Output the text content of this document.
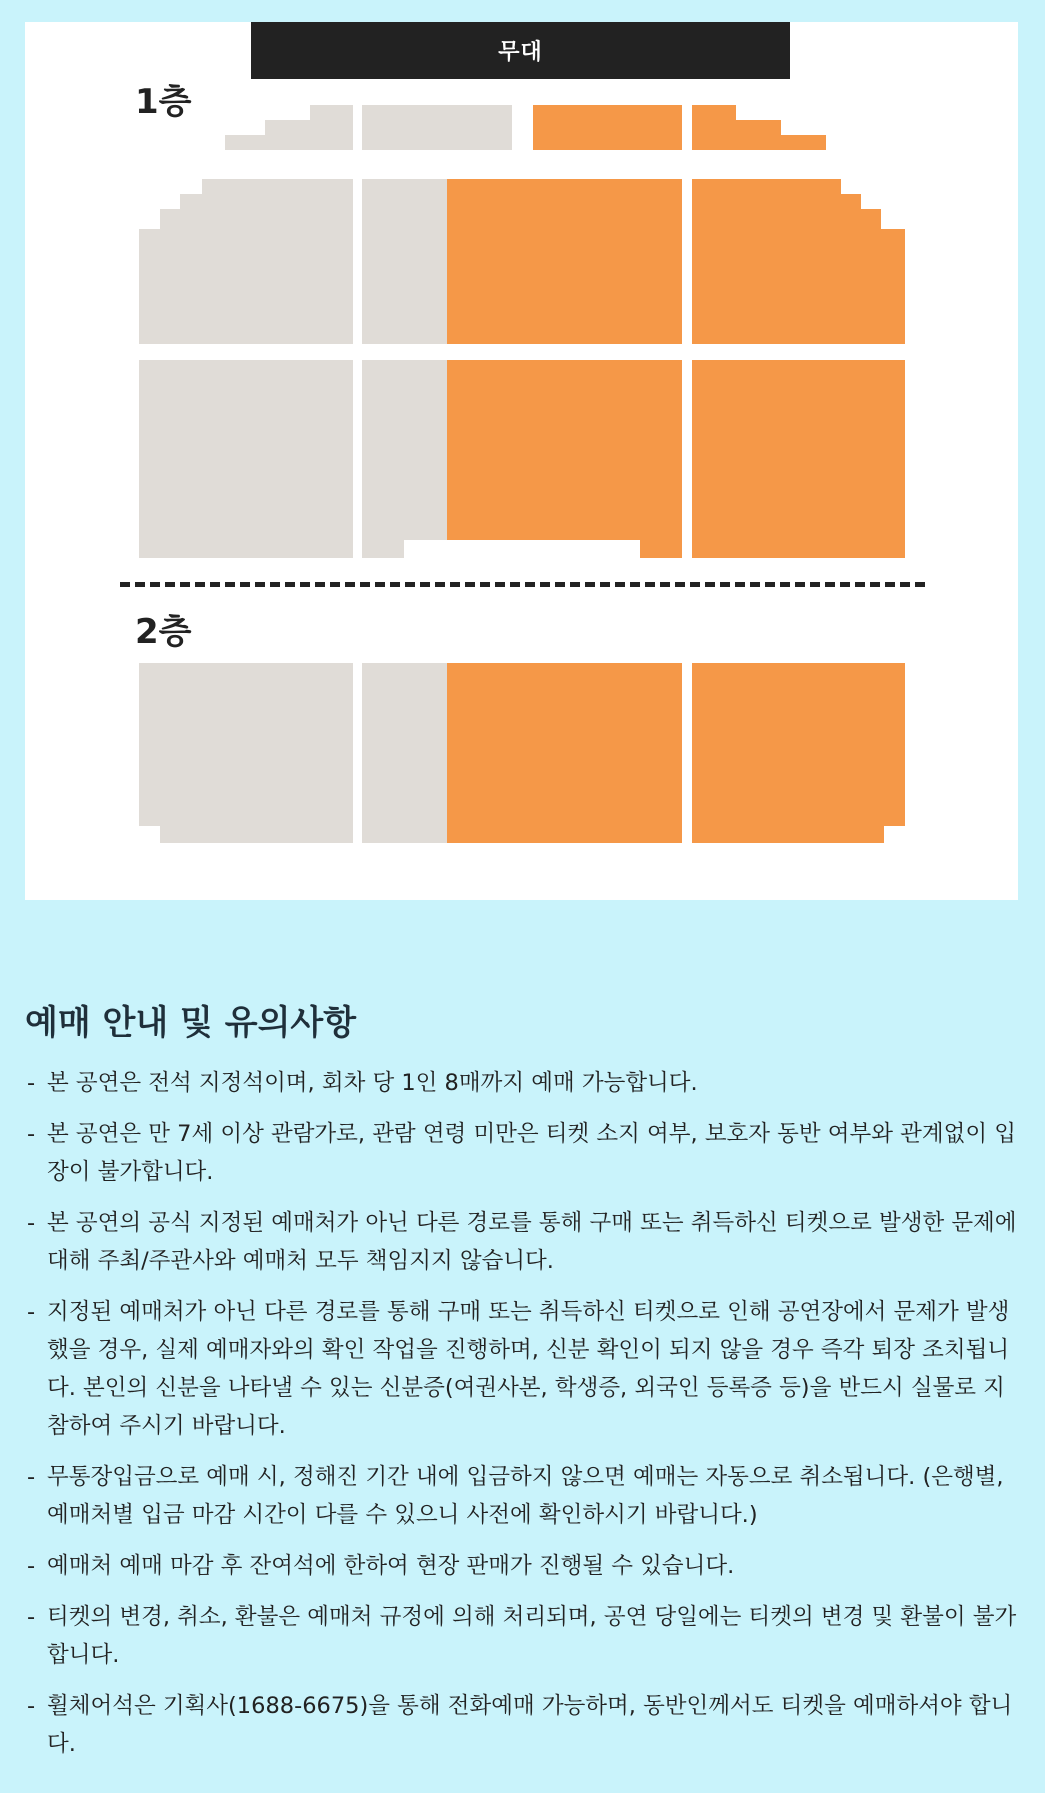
무대
1층
2층
예매 안내 및 유의사항
- 본 공연은 전석 지정석이며, 회차 당 1인 8매까지 예매 가능합니다.
- 본 공연은 만 7세 이상 관람가로, 관람 연령 미만은 티켓 소지 여부, 보호자 동반 여부와 관계없이 입장이 불가합니다.
- 본 공연의 공식 지정된 예매처가 아닌 다른 경로를 통해 구매 또는 취득하신 티켓으로 발생한 문제에 대해 주최/주관사와 예매처 모두 책임지지 않습니다.
- 지정된 예매처가 아닌 다른 경로를 통해 구매 또는 취득하신 티켓으로 인해 공연장에서 문제가 발생했을 경우, 실제 예매자와의 확인 작업을 진행하며, 신분 확인이 되지 않을 경우 즉각 퇴장 조치됩니다. 본인의 신분을 나타낼 수 있는 신분증(여권사본, 학생증, 외국인 등록증 등)을 반드시 실물로 지참하여 주시기 바랍니다.
- 무통장입금으로 예매 시, 정해진 기간 내에 입금하지 않으면 예매는 자동으로 취소됩니다. (은행별, 예매처별 입금 마감 시간이 다를 수 있으니 사전에 확인하시기 바랍니다.)
- 예매처 예매 마감 후 잔여석에 한하여 현장 판매가 진행될 수 있습니다.
- 티켓의 변경, 취소, 환불은 예매처 규정에 의해 처리되며, 공연 당일에는 티켓의 변경 및 환불이 불가합니다.
- 휠체어석은 기획사(1688-6675)을 통해 전화예매 가능하며, 동반인께서도 티켓을 예매하셔야 합니다.
